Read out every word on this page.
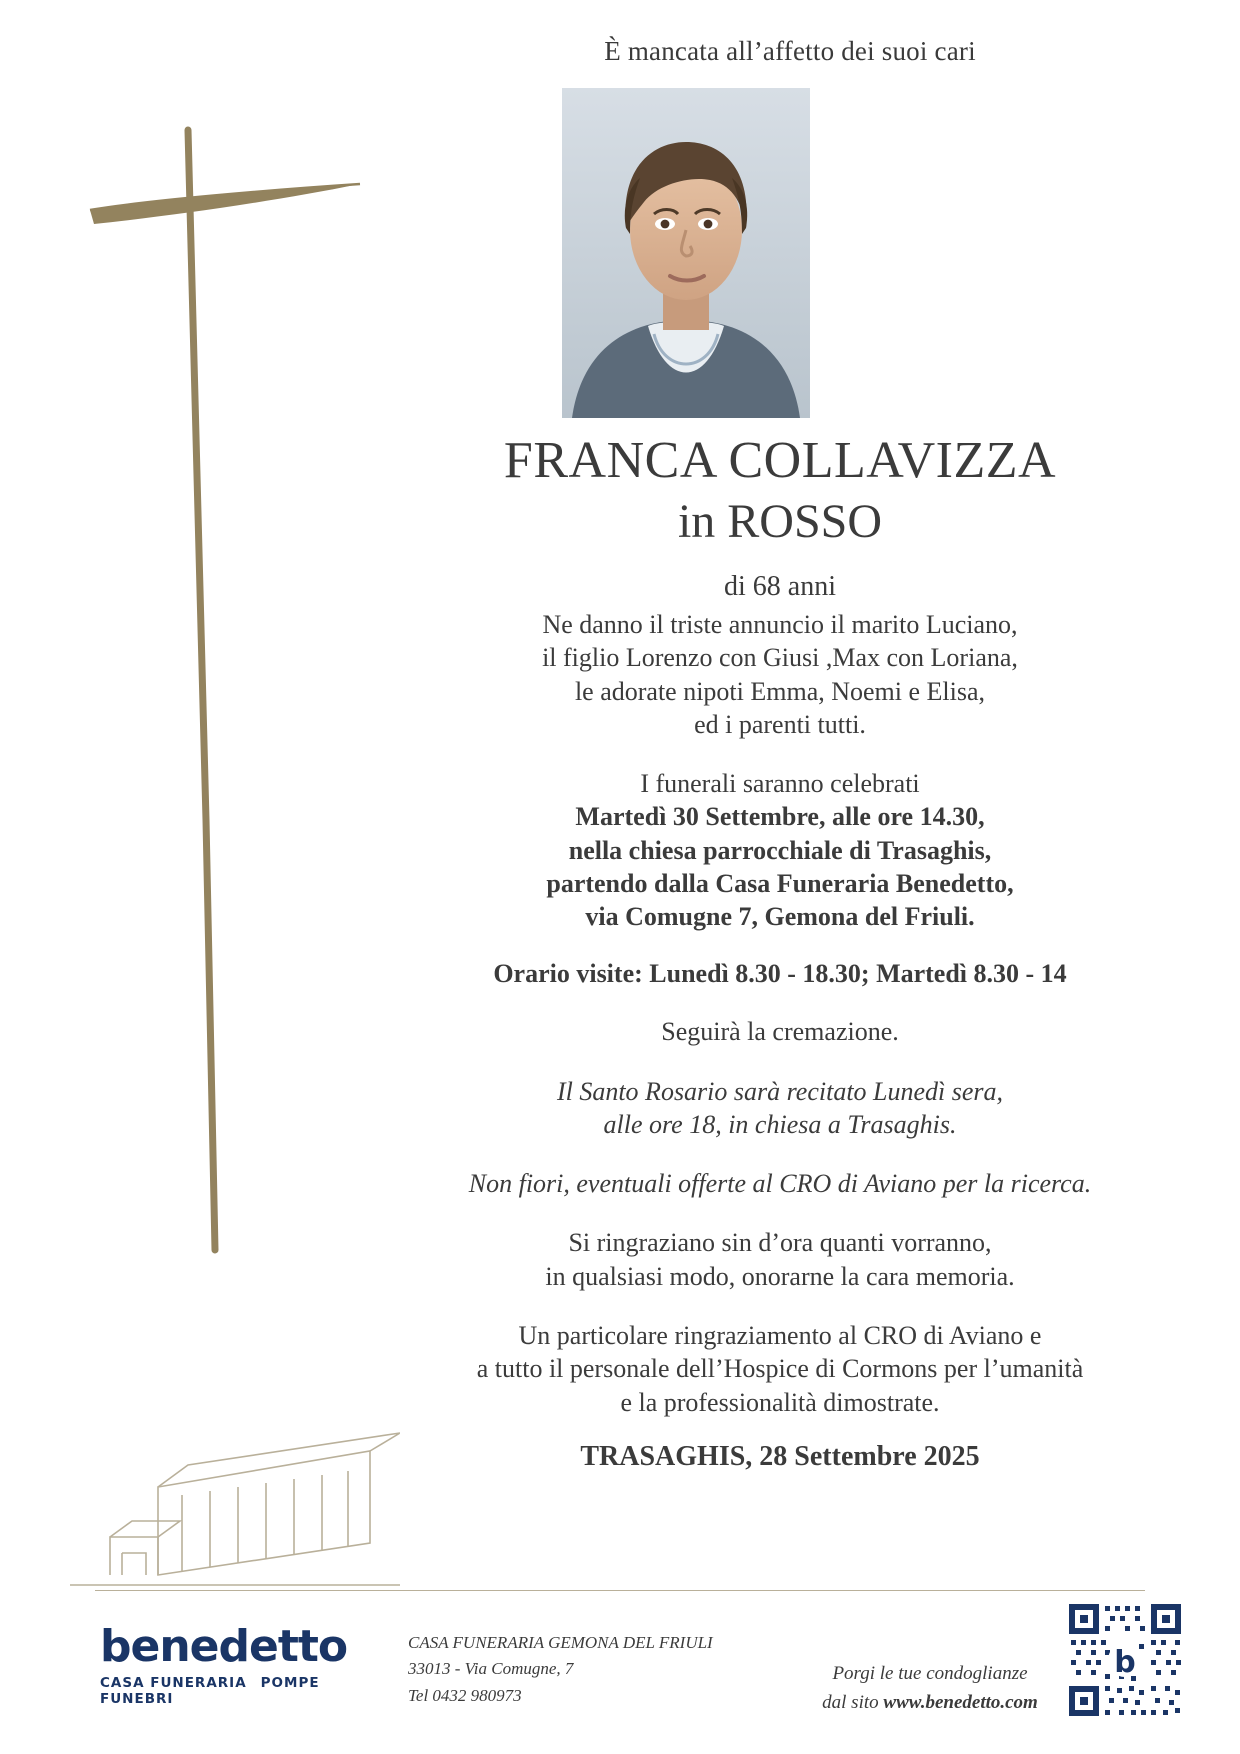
È mancata all’affetto dei suoi cari
FRANCA COLLAVIZZA
in ROSSO
di 68 anni

Ne danno il triste annuncio il marito Luciano,
il figlio Lorenzo con Giusi ,Max con Loriana,
le adorate nipoti Emma, Noemi e Elisa,
ed i parenti tutti.

I funerali saranno celebrati
Martedì 30 Settembre, alle ore 14.30,
nella chiesa parrocchiale di Trasaghis,
partendo dalla Casa Funeraria Benedetto,
via Comugne 7, Gemona del Friuli.

Orario visite: Lunedì 8.30 - 18.30; Martedì 8.30 - 14

Seguirà la cremazione.

Il Santo Rosario sarà recitato Lunedì sera,
alle ore 18, in chiesa a Trasaghis.

Non fiori, eventuali offerte al CRO di Aviano per la ricerca.

Si ringraziano sin d’ora quanti vorranno,
in qualsiasi modo, onorarne la cara memoria.

Un particolare ringraziamento al CRO di Aviano e
a tutto il personale dell’Hospice di Cormons per l’umanità
e la professionalità dimostrate.

TRASAGHIS, 28 Settembre 2025
benedetto
CASA FUNERARIA POMPE FUNEBRI
CASA FUNERARIA GEMONA DEL FRIULI
33013 - Via Comugne, 7
Tel 0432 980973
Porgi le tue condoglianze
dal sito www.benedetto.com
b
